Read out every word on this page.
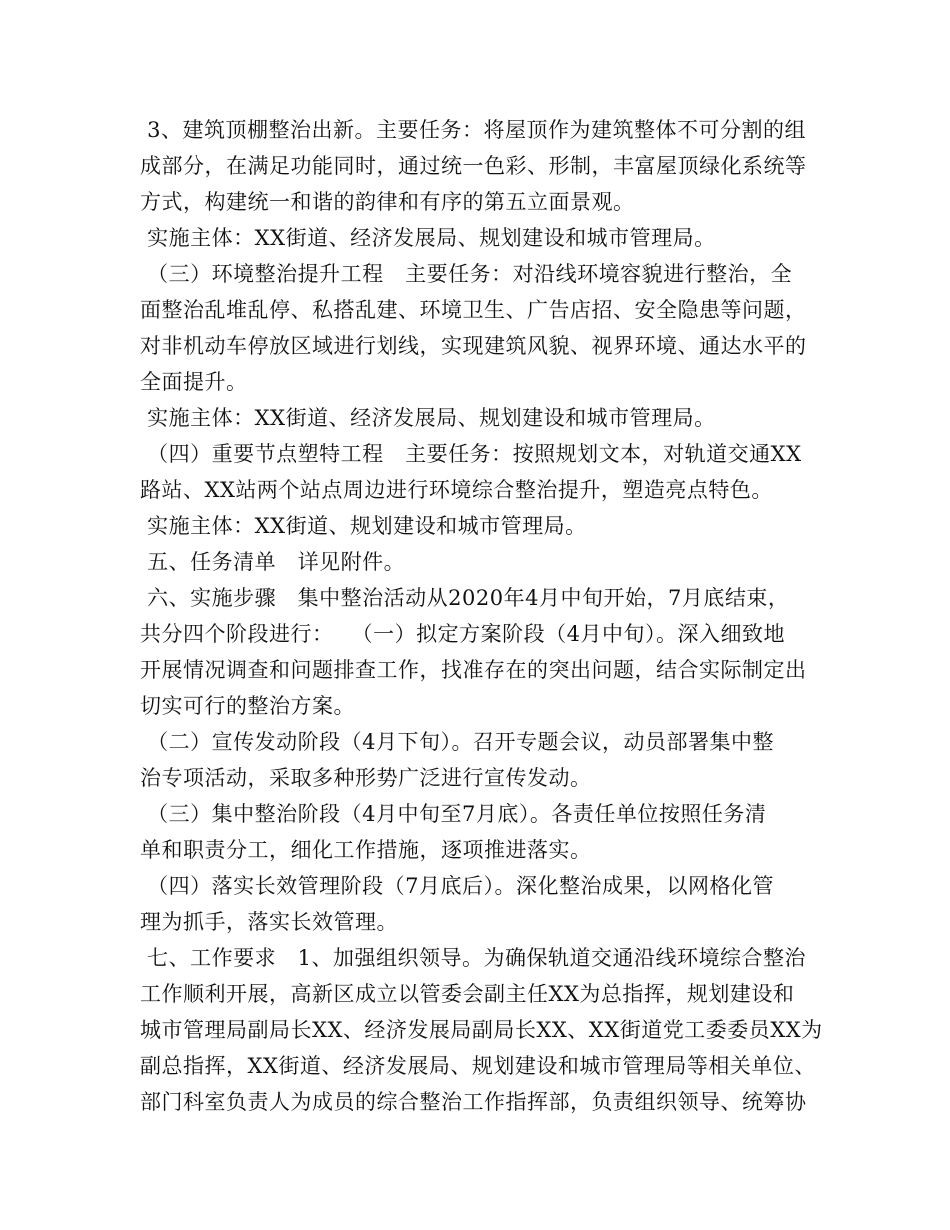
3、建筑顶棚整治出新。主要任务：将屋顶作为建筑整体不可分割的组
成部分，在满足功能同时，通过统一色彩、形制，丰富屋顶绿化系统等
方式，构建统一和谐的韵律和有序的第五立面景观。
实施主体：XX街道、经济发展局、规划建设和城市管理局。
（三）环境整治提升工程　主要任务：对沿线环境容貌进行整治，全
面整治乱堆乱停、私搭乱建、环境卫生、广告店招、安全隐患等问题，
对非机动车停放区域进行划线，实现建筑风貌、视界环境、通达水平的
全面提升。
实施主体：XX街道、经济发展局、规划建设和城市管理局。
（四）重要节点塑特工程　主要任务：按照规划文本，对轨道交通XX
路站、XX站两个站点周边进行环境综合整治提升，塑造亮点特色。
实施主体：XX街道、规划建设和城市管理局。
五、任务清单　详见附件。
六、实施步骤　集中整治活动从2020年4月中旬开始，7月底结束，
共分四个阶段进行：　 （一）拟定方案阶段（4月中旬）。深入细致地
开展情况调查和问题排查工作，找准存在的突出问题，结合实际制定出
切实可行的整治方案。
（二）宣传发动阶段（4月下旬）。召开专题会议，动员部署集中整
治专项活动，采取多种形势广泛进行宣传发动。
（三）集中整治阶段（4月中旬至7月底）。各责任单位按照任务清
单和职责分工，细化工作措施，逐项推进落实。
（四）落实长效管理阶段（7月底后）。深化整治成果，以网格化管
理为抓手，落实长效管理。
七、工作要求　1、加强组织领导。为确保轨道交通沿线环境综合整治
工作顺利开展，高新区成立以管委会副主任XX为总指挥，规划建设和
城市管理局副局长XX、经济发展局副局长XX、XX街道党工委委员XX为
副总指挥，XX街道、经济发展局、规划建设和城市管理局等相关单位、
部门科室负责人为成员的综合整治工作指挥部，负责组织领导、统筹协
